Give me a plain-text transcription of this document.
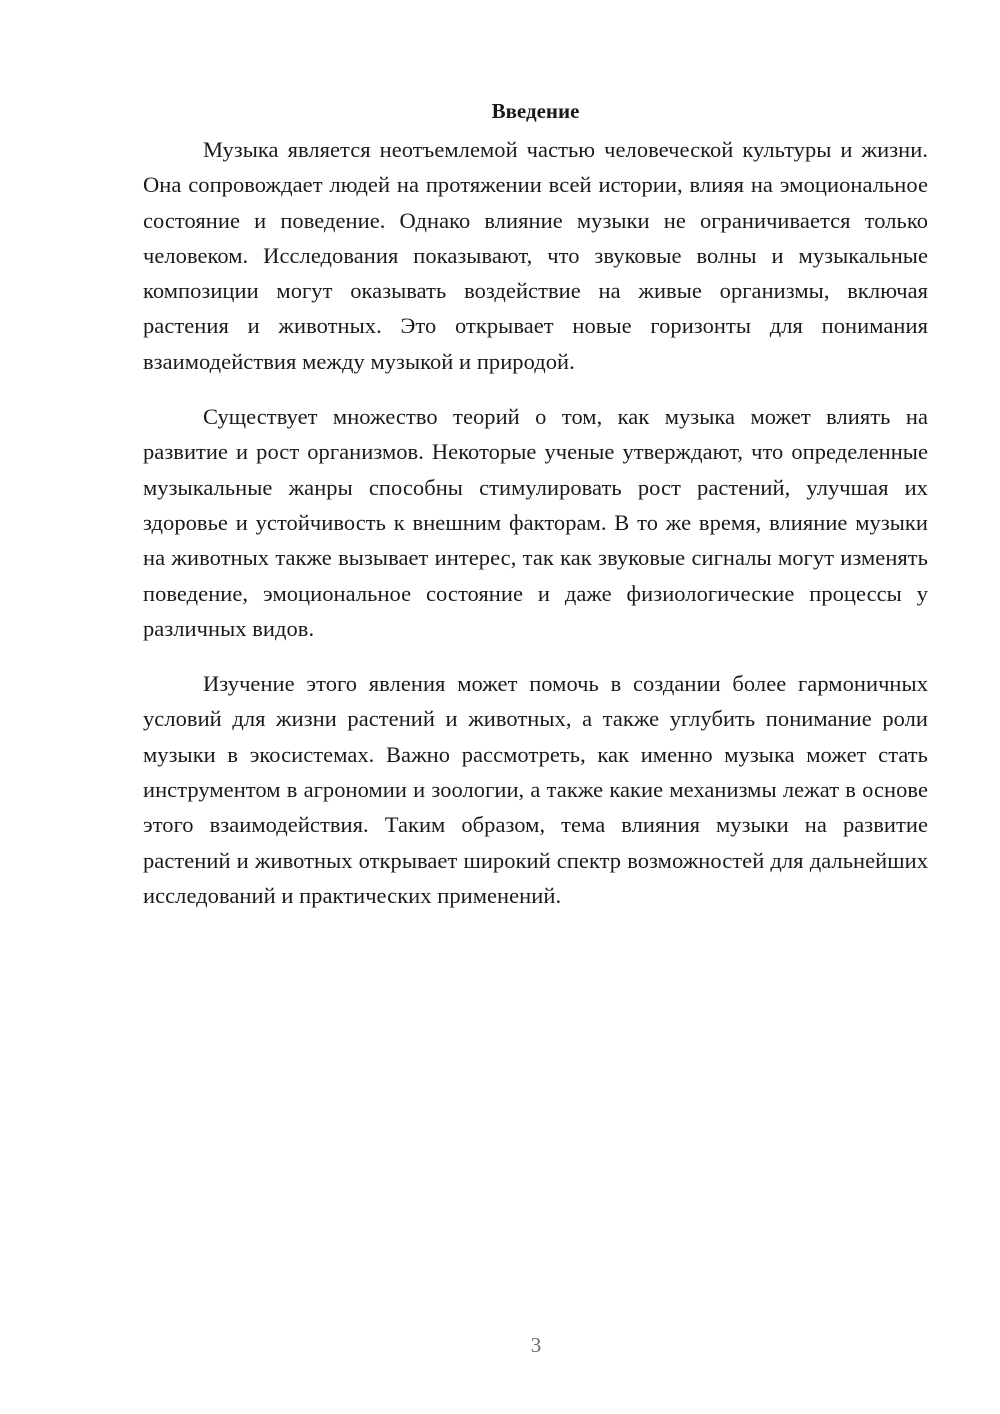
Введение

Музыка является неотъемлемой частью человеческой культуры и жизни. Она сопровождает людей на протяжении всей истории, влияя на эмоциональное состояние и поведение. Однако влияние музыки не ограничивается только человеком. Исследования показывают, что звуковые волны и музыкальные композиции могут оказывать воздействие на живые организмы, включая растения и животных. Это открывает новые горизонты для понимания взаимодействия между музыкой и природой.

Существует множество теорий о том, как музыка может влиять на развитие и рост организмов. Некоторые ученые утверждают, что определенные музыкальные жанры способны стимулировать рост растений, улучшая их здоровье и устойчивость к внешним факторам. В то же время, влияние музыки на животных также вызывает интерес, так как звуковые сигналы могут изменять поведение, эмоциональное состояние и даже физиологические процессы у различных видов.

Изучение этого явления может помочь в создании более гармоничных условий для жизни растений и животных, а также углубить понимание роли музыки в экосистемах. Важно рассмотреть, как именно музыка может стать инструментом в агрономии и зоологии, а также какие механизмы лежат в основе этого взаимодействия. Таким образом, тема влияния музыки на развитие растений и животных открывает широкий спектр возможностей для дальнейших исследований и практических применений.

3
